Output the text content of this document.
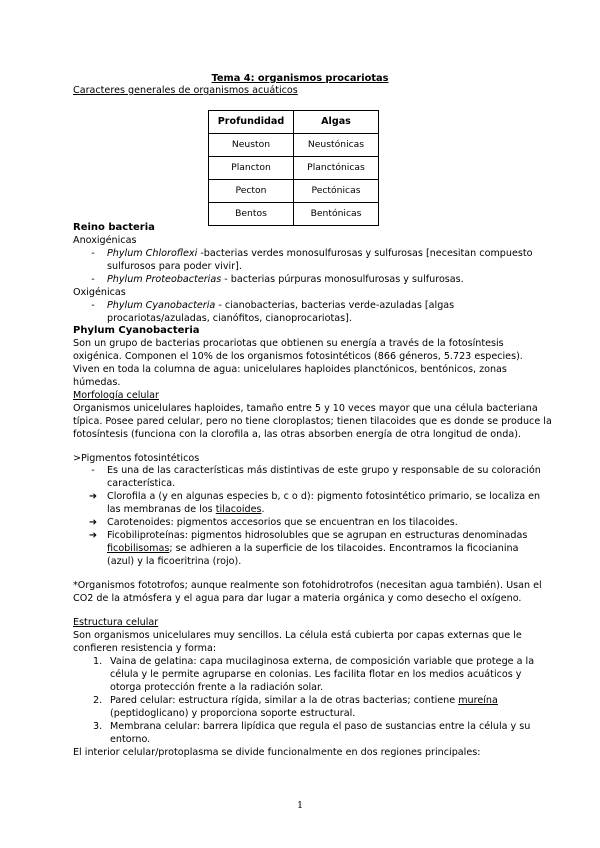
Tema 4: organismos procariotas
Caracteres generales de organismos acuáticos
Profundidad	Algas
Neuston	Neustónicas
Plancton	Planctónicas
Pecton	Pectónicas
Bentos	Bentónicas
Reino bacteria
Anoxigénicas
-	Phylum Chloroflexi -bacterias verdes monosulfurosas y sulfurosas [necesitan compuesto
sulfurosos para poder vivir].
-	Phylum Proteobacterias - bacterias púrpuras monosulfurosas y sulfurosas.
Oxigénicas
-	Phylum Cyanobacteria - cianobacterias, bacterias verde-azuladas [algas
procariotas/azuladas, cianófitos, cianoprocariotas].
Phylum Cyanobacteria
Son un grupo de bacterias procariotas que obtienen su energía a través de la fotosíntesis
oxigénica. Componen el 10% de los organismos fotosintéticos (866 géneros, 5.723 especies).
Viven en toda la columna de agua: unicelulares haploides planctónicos, bentónicos, zonas
húmedas.
Morfología celular
Organismos unicelulares haploides, tamaño entre 5 y 10 veces mayor que una célula bacteriana
típica. Posee pared celular, pero no tiene cloroplastos; tienen tilacoides que es donde se produce la
fotosíntesis (funciona con la clorofila a, las otras absorben energía de otra longitud de onda).
>Pigmentos fotosintéticos
-	Es una de las características más distintivas de este grupo y responsable de su coloración
característica.
➔ Clorofila a (y en algunas especies b, c o d): pigmento fotosintético primario, se localiza en
las membranas de los tilacoides.
➔ Carotenoides: pigmentos accesorios que se encuentran en los tilacoides.
➔ Ficobiliproteínas: pigmentos hidrosolubles que se agrupan en estructuras denominadas
ficobilisomas; se adhieren a la superficie de los tilacoides. Encontramos la ficocianina
(azul) y la ficoeritrina (rojo).
*Organismos fototrofos; aunque realmente son fotohidrotrofos (necesitan agua también). Usan el
CO2 de la atmósfera y el agua para dar lugar a materia orgánica y como desecho el oxígeno.
Estructura celular
Son organismos unicelulares muy sencillos. La célula está cubierta por capas externas que le
confieren resistencia y forma:
1. Vaina de gelatina: capa mucilaginosa externa, de composición variable que protege a la
célula y le permite agruparse en colonias. Les facilita flotar en los medios acuáticos y
otorga protección frente a la radiación solar.
2. Pared celular: estructura rígida, similar a la de otras bacterias; contiene mureína
(peptidoglicano) y proporciona soporte estructural.
3. Membrana celular: barrera lipídica que regula el paso de sustancias entre la célula y su
entorno.
El interior celular/protoplasma se divide funcionalmente en dos regiones principales:
1
